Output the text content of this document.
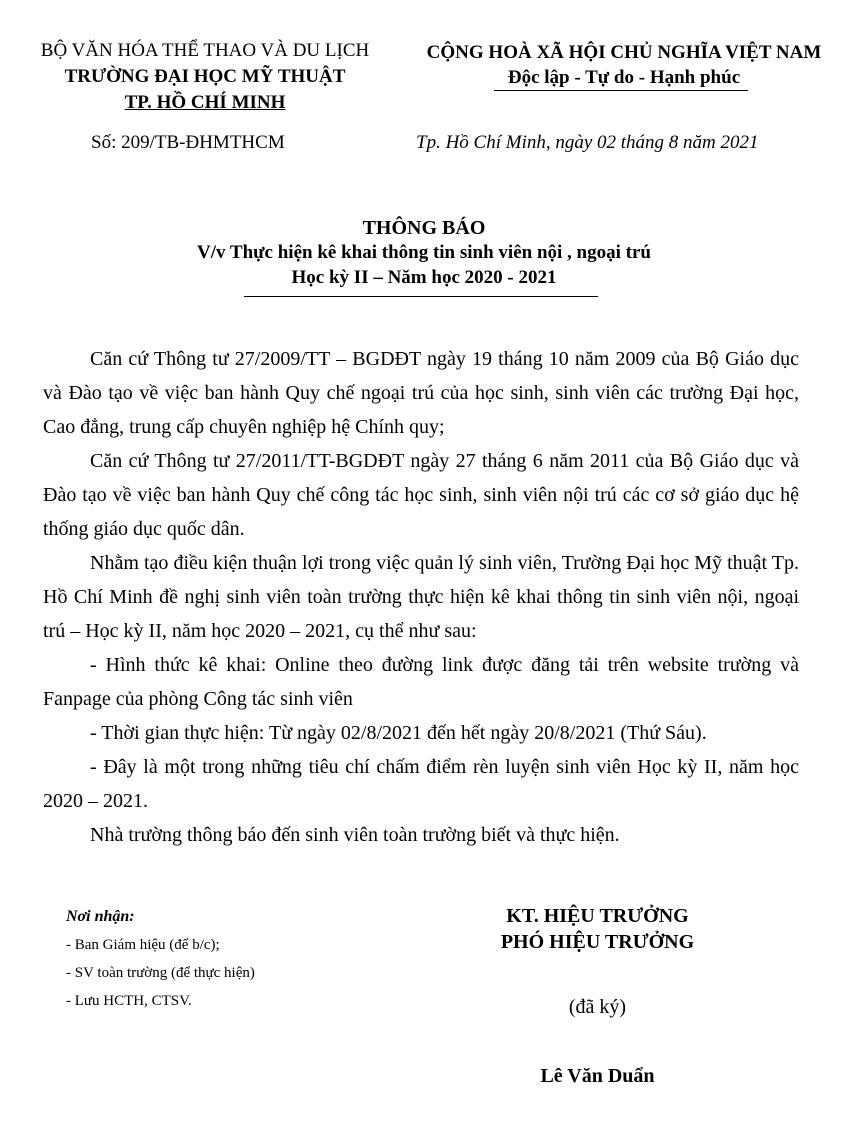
BỘ VĂN HÓA THỂ THAO VÀ DU LỊCH
TRƯỜNG ĐẠI HỌC MỸ THUẬT
TP. HỒ CHÍ MINH
CỘNG HOÀ XÃ HỘI CHỦ NGHĨA VIỆT NAM
Độc lập - Tự do - Hạnh phúc
Số: 209/TB-ĐHMTHCM	Tp. Hồ Chí Minh, ngày 02 tháng 8 năm 2021
THÔNG BÁO
V/v Thực hiện kê khai thông tin sinh viên nội , ngoại trú
Học kỳ II – Năm học 2020 - 2021

Căn cứ Thông tư 27/2009/TT – BGDĐT ngày 19 tháng 10 năm 2009 của Bộ Giáo dục và Đào tạo về việc ban hành Quy chế ngoại trú của học sinh, sinh viên các trường Đại học, Cao đẳng, trung cấp chuyên nghiệp hệ Chính quy;

Căn cứ Thông tư 27/2011/TT-BGDĐT ngày 27 tháng 6 năm 2011 của Bộ Giáo dục và Đào tạo về việc ban hành Quy chế công tác học sinh, sinh viên nội trú các cơ sở giáo dục hệ thống giáo dục quốc dân.

Nhằm tạo điều kiện thuận lợi trong việc quản lý sinh viên, Trường Đại học Mỹ thuật Tp. Hồ Chí Minh đề nghị sinh viên toàn trường thực hiện kê khai thông tin sinh viên nội, ngoại trú – Học kỳ II, năm học 2020 – 2021, cụ thể như sau:

- Hình thức kê khai: Online theo đường link được đăng tải trên website trường và Fanpage của phòng Công tác sinh viên

- Thời gian thực hiện: Từ ngày 02/8/2021 đến hết ngày 20/8/2021 (Thứ Sáu).

- Đây là một trong những tiêu chí chấm điểm rèn luyện sinh viên Học kỳ II, năm học 2020 – 2021.

Nhà trường thông báo đến sinh viên toàn trường biết và thực hiện.

Nơi nhận:
- Ban Giám hiệu (để b/c);
- SV toàn trường (để thực hiện)
- Lưu HCTH, CTSV.
KT. HIỆU TRƯỞNG
PHÓ HIỆU TRƯỞNG
(đã ký)
Lê Văn Duẩn
